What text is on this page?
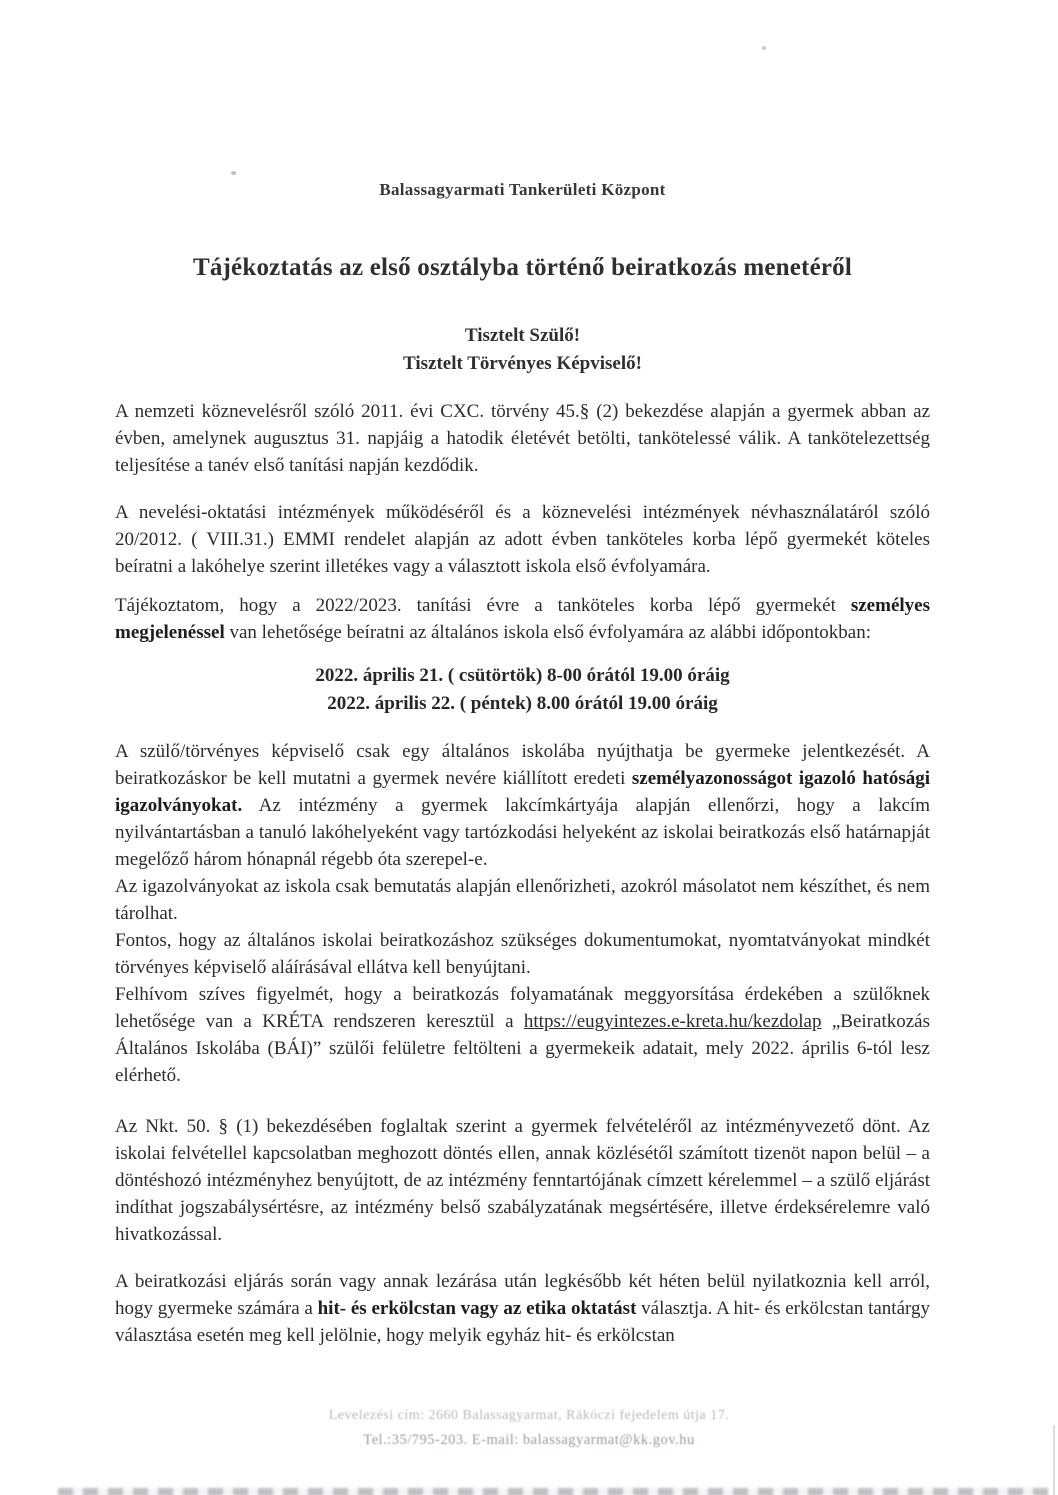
Balassagyarmati Tankerületi Központ
Tájékoztatás az első osztályba történő beiratkozás menetéről
Tisztelt Szülő!
Tisztelt Törvényes Képviselő!

A nemzeti köznevelésről szóló 2011. évi CXC. törvény 45.§ (2) bekezdése alapján a gyermek abban az évben, amelynek augusztus 31. napjáig a hatodik életévét betölti, tankötelessé válik. A tankötelezettség teljesítése a tanév első tanítási napján kezdődik.

A nevelési-oktatási intézmények működéséről és a köznevelési intézmények névhasználatáról szóló 20/2012. ( VIII.31.) EMMI rendelet alapján az adott évben tanköteles korba lépő gyermekét köteles beíratni a lakóhelye szerint illetékes vagy a választott iskola első évfolyamára.

Tájékoztatom, hogy a 2022/2023. tanítási évre a tanköteles korba lépő gyermekét személyes megjelenéssel van lehetősége beíratni az általános iskola első évfolyamára az alábbi időpontokban:

2022. április 21. ( csütörtök) 8-00 órától 19.00 óráig
2022. április 22. ( péntek) 8.00 órától 19.00 óráig

A szülő/törvényes képviselő csak egy általános iskolába nyújthatja be gyermeke jelentkezését. A beiratkozáskor be kell mutatni a gyermek nevére kiállított eredeti személyazonosságot igazoló hatósági igazolványokat. Az intézmény a gyermek lakcímkártyája alapján ellenőrzi, hogy a lakcím nyilvántartásban a tanuló lakóhelyeként vagy tartózkodási helyeként az iskolai beiratkozás első határnapját megelőző három hónapnál régebb óta szerepel-e.

Az igazolványokat az iskola csak bemutatás alapján ellenőrizheti, azokról másolatot nem készíthet, és nem tárolhat.

Fontos, hogy az általános iskolai beiratkozáshoz szükséges dokumentumokat, nyomtatványokat mindkét törvényes képviselő aláírásával ellátva kell benyújtani.

Felhívom szíves figyelmét, hogy a beiratkozás folyamatának meggyorsítása érdekében a szülőknek lehetősége van a KRÉTA rendszeren keresztül a https://eugyintezes.e-kreta.hu/kezdolap „Beiratkozás Általános Iskolába (BÁI)” szülői felületre feltölteni a gyermekeik adatait, mely 2022. április 6-tól lesz elérhető.

Az Nkt. 50. § (1) bekezdésében foglaltak szerint a gyermek felvételéről az intézményvezető dönt. Az iskolai felvétellel kapcsolatban meghozott döntés ellen, annak közlésétől számított tizenöt napon belül – a döntéshozó intézményhez benyújtott, de az intézmény fenntartójának címzett kérelemmel – a szülő eljárást indíthat jogszabálysértésre, az intézmény belső szabályzatának megsértésére, illetve érdeksérelemre való hivatkozással.

A beiratkozási eljárás során vagy annak lezárása után legkésőbb két héten belül nyilatkoznia kell arról, hogy gyermeke számára a hit- és erkölcstan vagy az etika oktatást választja. A hit- és erkölcstan tantárgy választása esetén meg kell jelölnie, hogy melyik egyház hit- és erkölcstan

Levelezési cím: 2660 Balassagyarmat, Rákóczi fejedelem útja 17.
Tel.:35/795-203. E-mail: balassagyarmat@kk.gov.hu
